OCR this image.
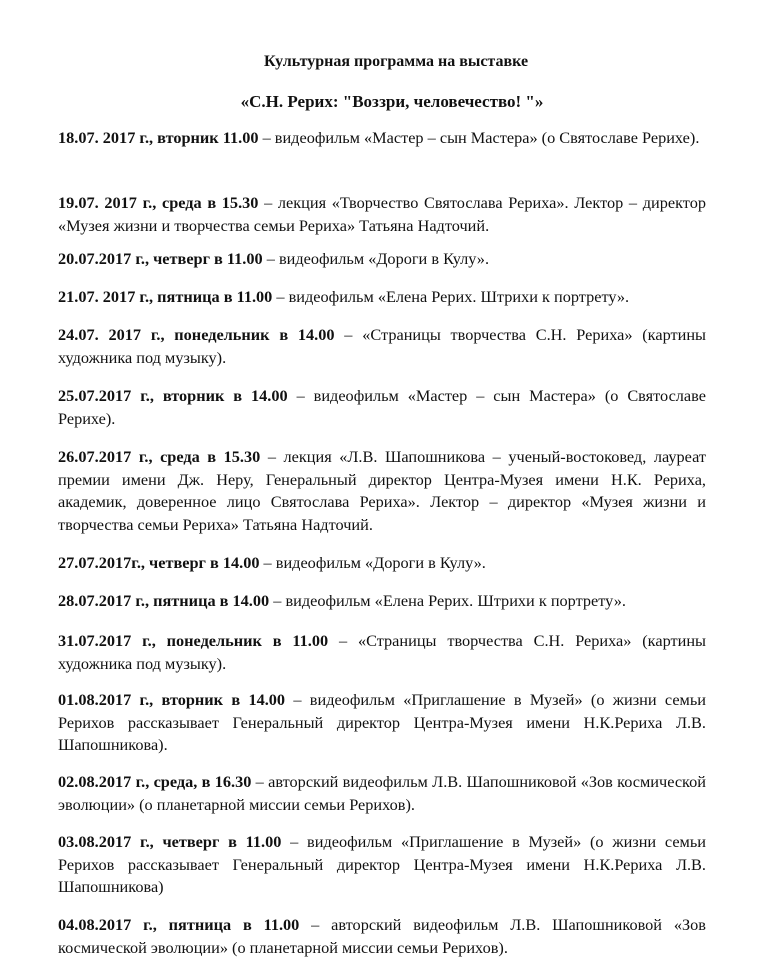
Культурная программа на выставке
«С.Н. Рерих: "Воззри, человечество! "»
18.07. 2017 г., вторник 11.00 – видеофильм «Мастер – сын Мастера» (о Святославе Рерихе).
19.07. 2017 г., среда в 15.30 – лекция «Творчество Святослава Рериха». Лектор – директор «Музея жизни и творчества семьи Рериха» Татьяна Надточий.
20.07.2017 г., четверг в 11.00 – видеофильм «Дороги в Кулу».
21.07. 2017 г., пятница в 11.00 – видеофильм «Елена Рерих. Штрихи к портрету».
24.07. 2017 г., понедельник в 14.00 – «Страницы творчества С.Н. Рериха» (картины художника под музыку).
25.07.2017 г., вторник в 14.00 – видеофильм «Мастер – сын Мастера» (о Святославе Рерихе).
26.07.2017 г., среда в 15.30 – лекция «Л.В. Шапошникова – ученый-востоковед, лауреат премии имени Дж. Неру, Генеральный директор Центра-Музея имени Н.К. Рериха, академик, доверенное лицо Святослава Рериха». Лектор – директор «Музея жизни и творчества семьи Рериха» Татьяна Надточий.
27.07.2017г., четверг в 14.00 – видеофильм «Дороги в Кулу».
28.07.2017 г., пятница в 14.00 – видеофильм «Елена Рерих. Штрихи к портрету».
31.07.2017 г., понедельник в 11.00 – «Страницы творчества С.Н. Рериха» (картины художника под музыку).
01.08.2017 г., вторник в 14.00 – видеофильм «Приглашение в Музей» (о жизни семьи Рерихов рассказывает Генеральный директор Центра-Музея имени Н.К.Рериха Л.В. Шапошникова).
02.08.2017 г., среда, в 16.30 – авторский видеофильм Л.В. Шапошниковой «Зов космической эволюции» (о планетарной миссии семьи Рерихов).
03.08.2017 г., четверг в 11.00 – видеофильм «Приглашение в Музей» (о жизни семьи Рерихов рассказывает Генеральный директор Центра-Музея имени Н.К.Рериха Л.В. Шапошникова)
04.08.2017 г., пятница в 11.00 – авторский видеофильм Л.В. Шапошниковой «Зов космической эволюции» (о планетарной миссии семьи Рерихов).
